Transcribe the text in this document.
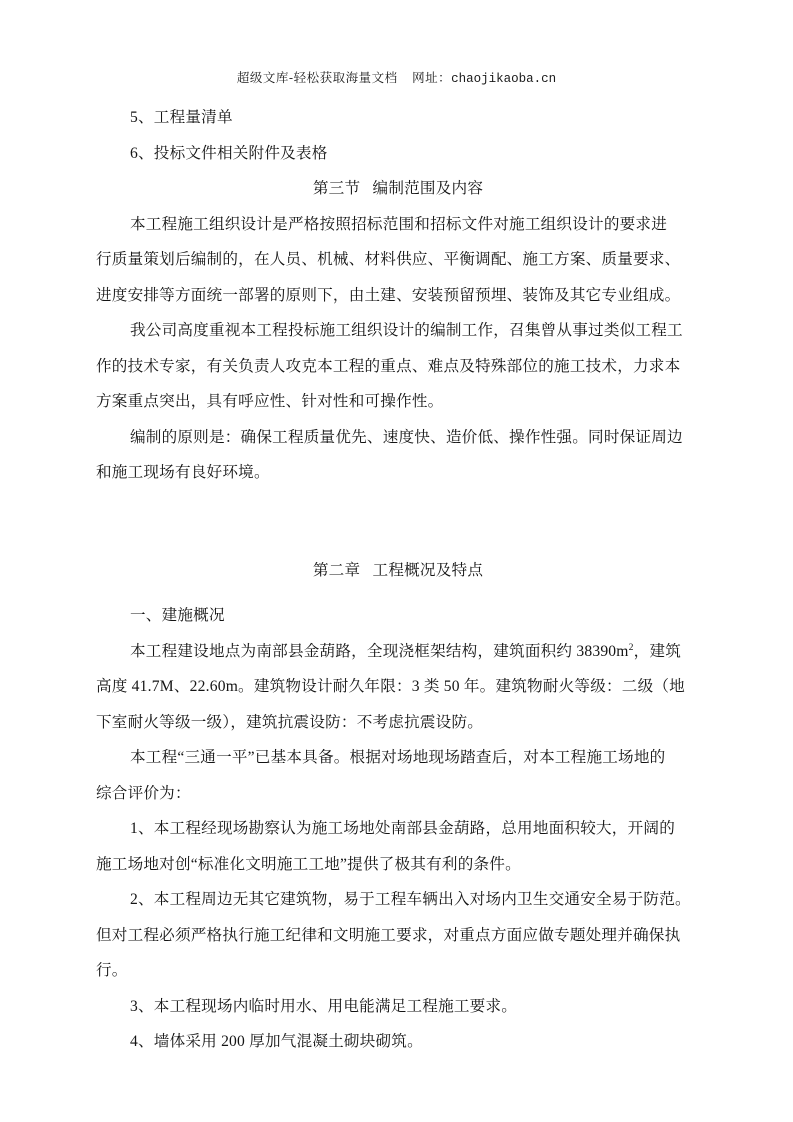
超级文库-轻松获取海量文档 网址：chaojikaoba.cn
5、工程量清单
6、投标文件相关附件及表格
第三节   编制范围及内容
本工程施工组织设计是严格按照招标范围和招标文件对施工组织设计的要求进
行质量策划后编制的，在人员、机械、材料供应、平衡调配、施工方案、质量要求、
进度安排等方面统一部署的原则下，由土建、安装预留预埋、装饰及其它专业组成。
我公司高度重视本工程投标施工组织设计的编制工作，召集曾从事过类似工程工
作的技术专家，有关负责人攻克本工程的重点、难点及特殊部位的施工技术，力求本
方案重点突出，具有呼应性、针对性和可操作性。
编制的原则是：确保工程质量优先、速度快、造价低、操作性强。同时保证周边
和施工现场有良好环境。
第二章   工程概况及特点
一、建施概况
本工程建设地点为南部县金葫路，全现浇框架结构，建筑面积约 $38390m^2$，建筑
高度 41.7M、22.60m。建筑物设计耐久年限：3 类 50 年。建筑物耐火等级：二级（地
下室耐火等级一级），建筑抗震设防：不考虑抗震设防。
本工程“三通一平”已基本具备。根据对场地现场踏查后，对本工程施工场地的
综合评价为：
1、本工程经现场勘察认为施工场地处南部县金葫路，总用地面积较大，开阔的
施工场地对创“标准化文明施工工地”提供了极其有利的条件。
2、本工程周边无其它建筑物，易于工程车辆出入对场内卫生交通安全易于防范。
但对工程必须严格执行施工纪律和文明施工要求，对重点方面应做专题处理并确保执
行。
3、本工程现场内临时用水、用电能满足工程施工要求。
4、墙体采用 200 厚加气混凝土砌块砌筑。
